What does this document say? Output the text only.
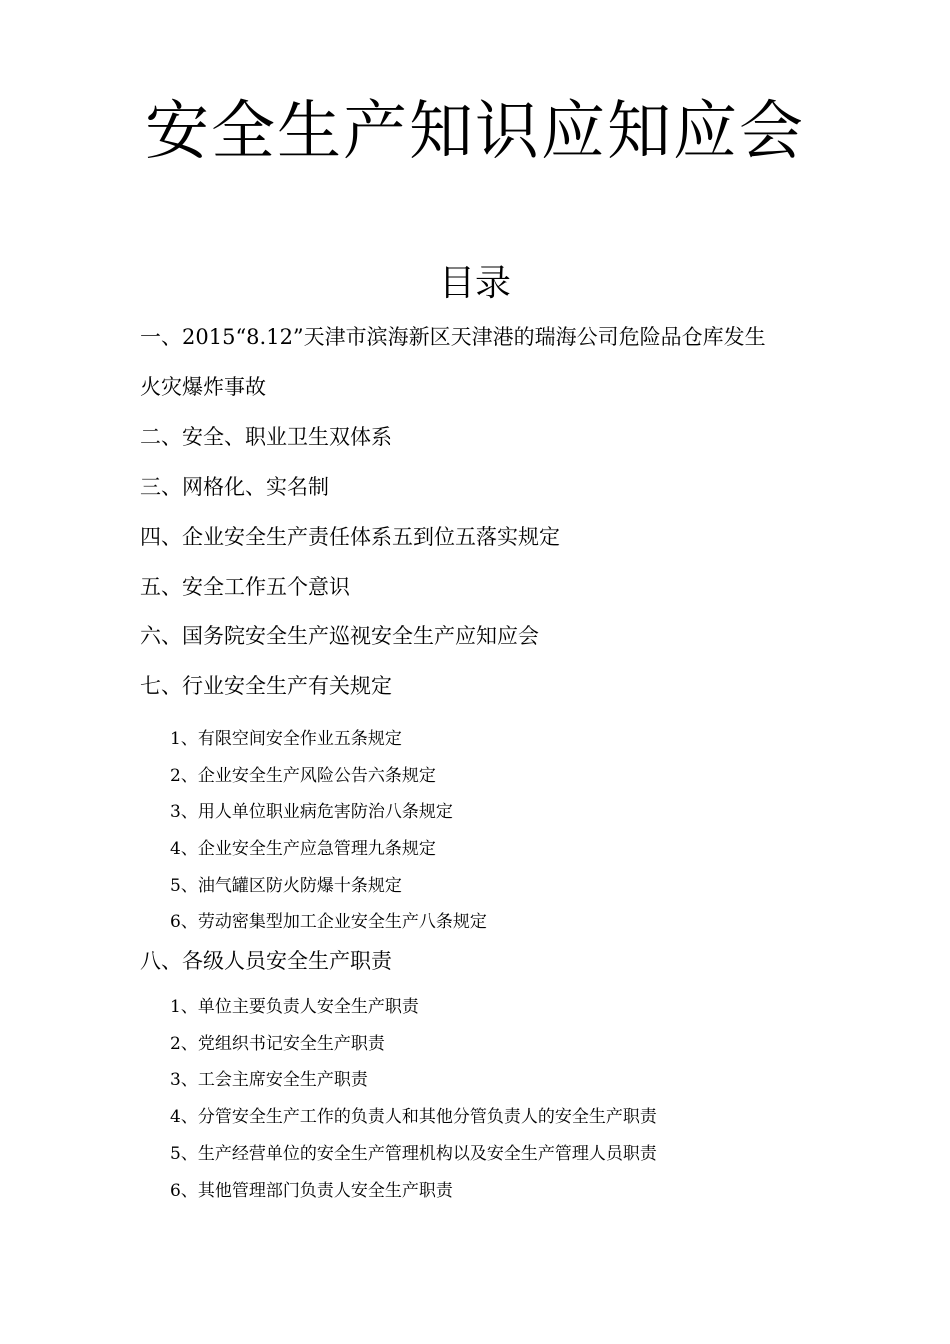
安全生产知识应知应会
目录
一、2015“8.12”天津市滨海新区天津港的瑞海公司危险品仓库发生
火灾爆炸事故
二、安全、职业卫生双体系
三、网格化、实名制
四、企业安全生产责任体系五到位五落实规定
五、安全工作五个意识
六、国务院安全生产巡视安全生产应知应会
七、行业安全生产有关规定
1、有限空间安全作业五条规定
2、企业安全生产风险公告六条规定
3、用人单位职业病危害防治八条规定
4、企业安全生产应急管理九条规定
5、油气罐区防火防爆十条规定
6、劳动密集型加工企业安全生产八条规定
八、各级人员安全生产职责
1、单位主要负责人安全生产职责
2、党组织书记安全生产职责
3、工会主席安全生产职责
4、分管安全生产工作的负责人和其他分管负责人的安全生产职责
5、生产经营单位的安全生产管理机构以及安全生产管理人员职责
6、其他管理部门负责人安全生产职责
